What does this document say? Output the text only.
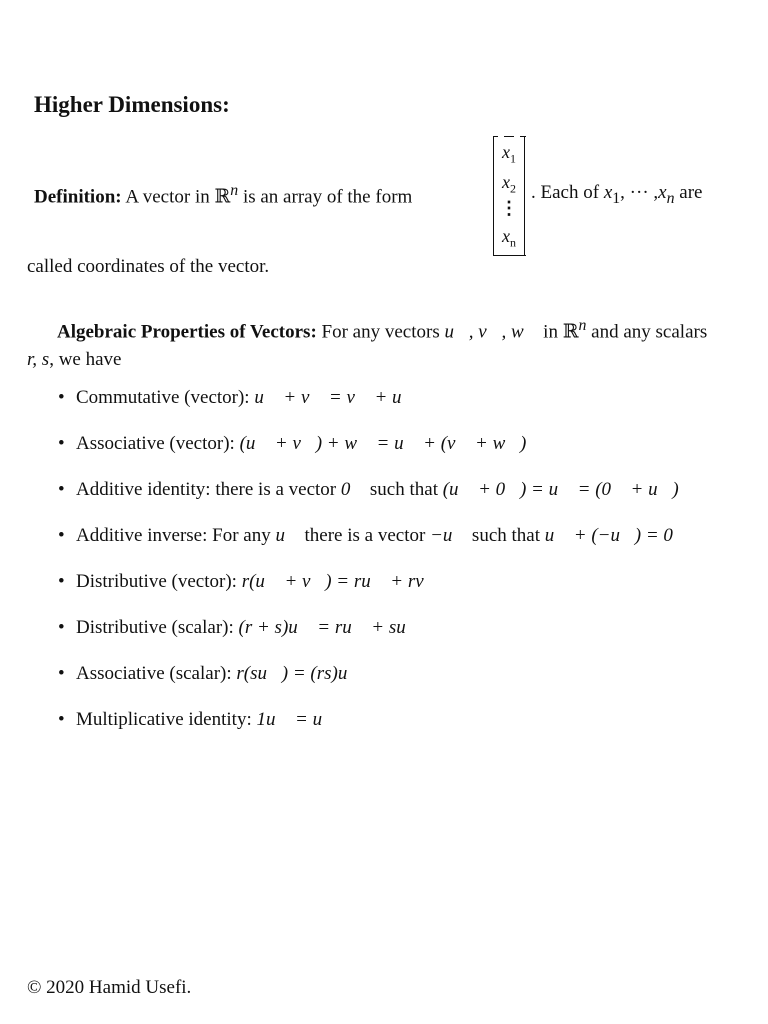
Higher Dimensions:
Definition: A vector in ℝ$^n$ is an array of the form
$x_1$
$x_2$
⋮
$x_n$
. Each of $x_1$, ··· $,x_n$ are
called coordinates of the vector.
Algebraic Properties of Vectors: For any vectors u⃗, v⃗, w⃗ in ℝ$^n$ and any scalars
r, s, we have
• Commutative (vector): u⃗ + v⃗ = v⃗ + u⃗
• Associative (vector): (u⃗ + v⃗) + w⃗ = u⃗ + (v⃗ + w⃗)
• Additive identity: there is a vector 0⃗ such that (u⃗ + 0⃗) = u⃗ = (0⃗ + u⃗)
• Additive inverse: For any u⃗ there is a vector −u⃗ such that u⃗ + (−u⃗) = 0⃗
• Distributive (vector): r(u⃗ + v⃗) = ru⃗ + rv⃗
• Distributive (scalar): (r + s)u⃗ = ru⃗ + su⃗
• Associative (scalar): r(su⃗) = (rs)u⃗
• Multiplicative identity: 1u⃗ = u⃗
© 2020 Hamid Usefi.
